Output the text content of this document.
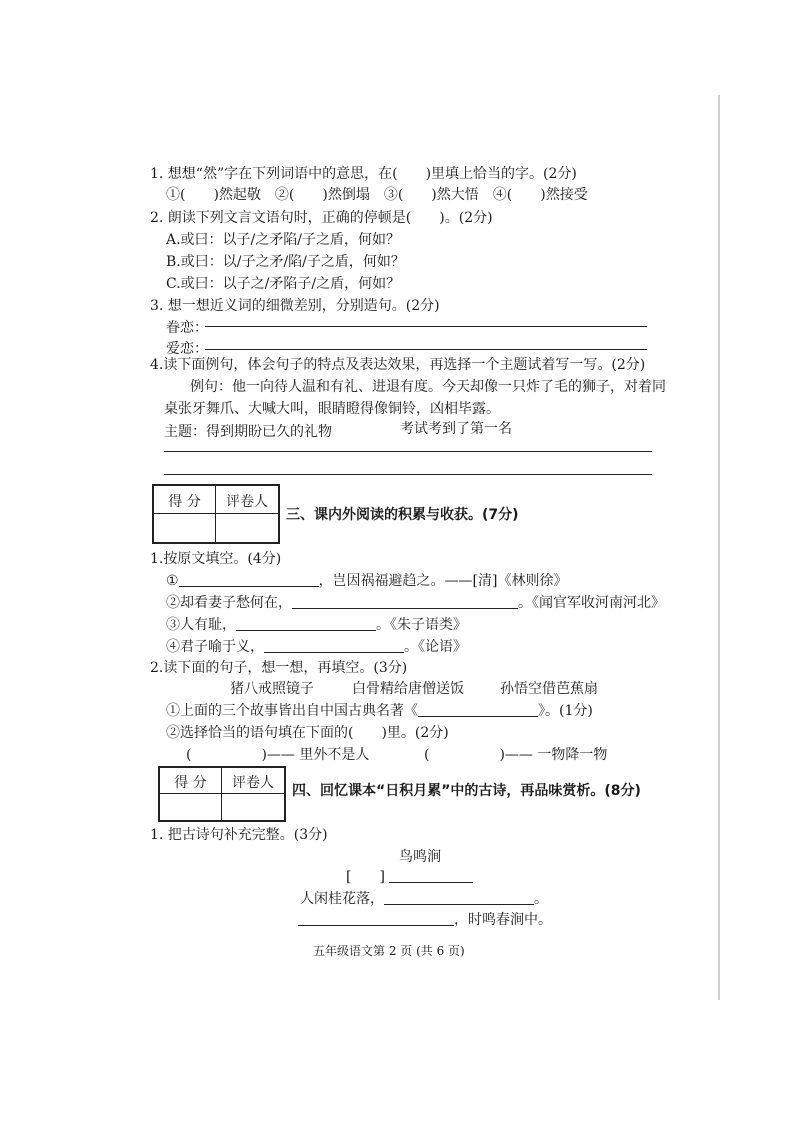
1. 想想“然”字在下列词语中的意思，在(　　)里填上恰当的字。(2分)
①(　　)然起敬　②(　　)然倒塌　③(　　)然大悟　④(　　)然接受
2. 朗读下列文言文语句时，正确的停顿是(　　)。(2分)
A.或曰：以子/之矛陷/子之盾，何如？
B.或曰：以/子之矛/陷/子之盾，何如？
C.或曰：以子之/矛陷子/之盾，何如？
3. 想一想近义词的细微差别，分别造句。(2分)
眷恋：
爱恋：
4.读下面例句，体会句子的特点及表达效果，再选择一个主题试着写一写。(2分)
例句：他一向待人温和有礼、进退有度。今天却像一只炸了毛的狮子，对着同
桌张牙舞爪、大喊大叫，眼睛瞪得像铜铃，凶相毕露。
主题：得到期盼已久的礼物	考试考到了第一名
得 分	评卷人
三、课内外阅读的积累与收获。(7分)
1.按原文填空。(4分)
①	，岂因祸福避趋之。——[清]《林则徐》
②却看妻子愁何在，	。《闻官军收河南河北》
③人有耻，	。《朱子语类》
④君子喻于义，	。《论语》
2.读下面的句子，想一想，再填空。(3分)
猪八戒照镜子	白骨精给唐僧送饭	孙悟空借芭蕉扇
①上面的三个故事皆出自中国古典名著《	》。(1分)
②选择恰当的语句填在下面的(　　)里。(2分)
(　　　　　)—— 里外不是人	(　　　　　)—— 一物降一物
得 分	评卷人	四、回忆课本“日积月累”中的古诗，再品味赏析。(8分)
1. 把古诗句补充完整。(3分)
鸟鸣涧
[　　]
人闲桂花落，	。
，时鸣春涧中。
五年级语文第 2 页 (共 6 页)
